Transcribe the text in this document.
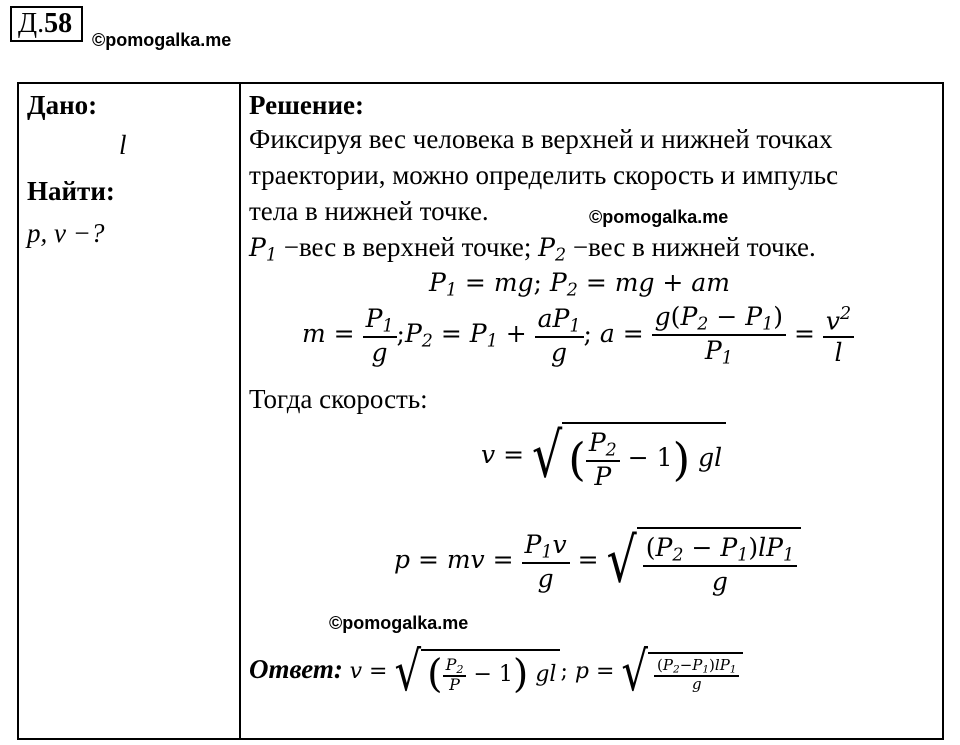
Д.58
©pomogalka.me
Дано:
l
Найти:
p, v −?
Решение:
Фиксируя вес человека в верхней и нижней точках
траектории, можно определить скорость и импульс
тела в нижней точке.	©pomogalka.me
$P_1 -вес$ в верхней точке; $P_2 -вес$ в нижней точке.
$P_1$ = mg; $P_2$ = mg + am
$m = \frac{P_1}{g}$ $;P_2 = P_1 + \frac{aP_1}{g}$ ; $a = \frac{g(P_2 - P_1)}{P_1} = \frac{v^2}{l}$
Тогда скорость:
v = √ ( $\frac{P_2}{P} - 1$) gl
p = mv = $\frac{P_1v}{g}$ = √ $\frac{(P_2 - P_1)lP_1}{g}$
©pomogalka.me
Ответ: v = √ ( $\frac{P_2}{P} - 1$) gl ; p = √ $\frac{(P_2-P_1)lP_1}{g}$
